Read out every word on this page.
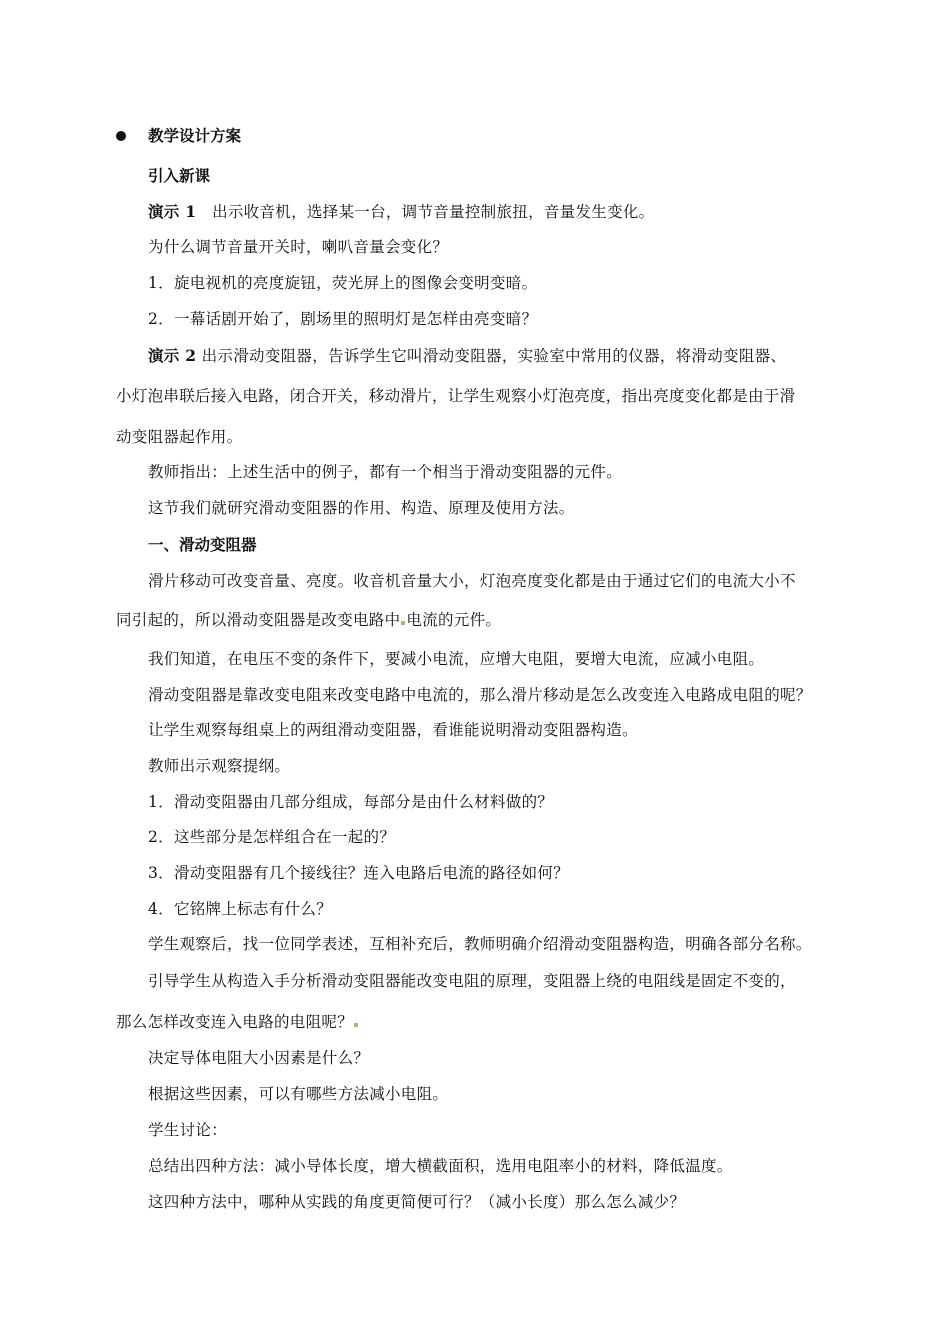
教学设计方案
引入新课
演示 1 出示收音机，选择某一台，调节音量控制旅扭，音量发生变化。
为什么调节音量开关时，喇叭音量会变化？
1．旋电视机的亮度旋钮，荧光屏上的图像会变明变暗。
2．一幕话剧开始了，剧场里的照明灯是怎样由亮变暗？
演示 2 出示滑动变阻器，告诉学生它叫滑动变阻器，实验室中常用的仪器，将滑动变阻器、
小灯泡串联后接入电路，闭合开关，移动滑片，让学生观察小灯泡亮度，指出亮度变化都是由于滑
动变阻器起作用。
教师指出：上述生活中的例子，都有一个相当于滑动变阻器的元件。
这节我们就研究滑动变阻器的作用、构造、原理及使用方法。
一、滑动变阻器
滑片移动可改变音量、亮度。收音机音量大小，灯泡亮度变化都是由于通过它们的电流大小不
同引起的，所以滑动变阻器是改变电路中 电流的元件。
我们知道，在电压不变的条件下，要减小电流，应增大电阻，要增大电流，应减小电阻。
滑动变阻器是靠改变电阻来改变电路中电流的，那么滑片移动是怎么改变连入电路成电阻的呢？
让学生观察每组桌上的两组滑动变阻器，看谁能说明滑动变阻器构造。
教师出示观察提纲。
1．滑动变阻器由几部分组成，每部分是由什么材料做的？
2．这些部分是怎样组合在一起的？
3．滑动变阻器有几个接线往？连入电路后电流的路径如何？
4．它铭牌上标志有什么？
学生观察后，找一位同学表述，互相补充后，教师明确介绍滑动变阻器构造，明确各部分名称。
引导学生从构造入手分析滑动变阻器能改变电阻的原理，变阻器上绕的电阻线是固定不变的，
那么怎样改变连入电路的电阻呢？
决定导体电阻大小因素是什么？
根据这些因素，可以有哪些方法减小电阻。
学生讨论：
总结出四种方法：减小导体长度，增大横截面积，选用电阻率小的材料，降低温度。
这四种方法中，哪种从实践的角度更简便可行？（减小长度）那么怎么减少？
